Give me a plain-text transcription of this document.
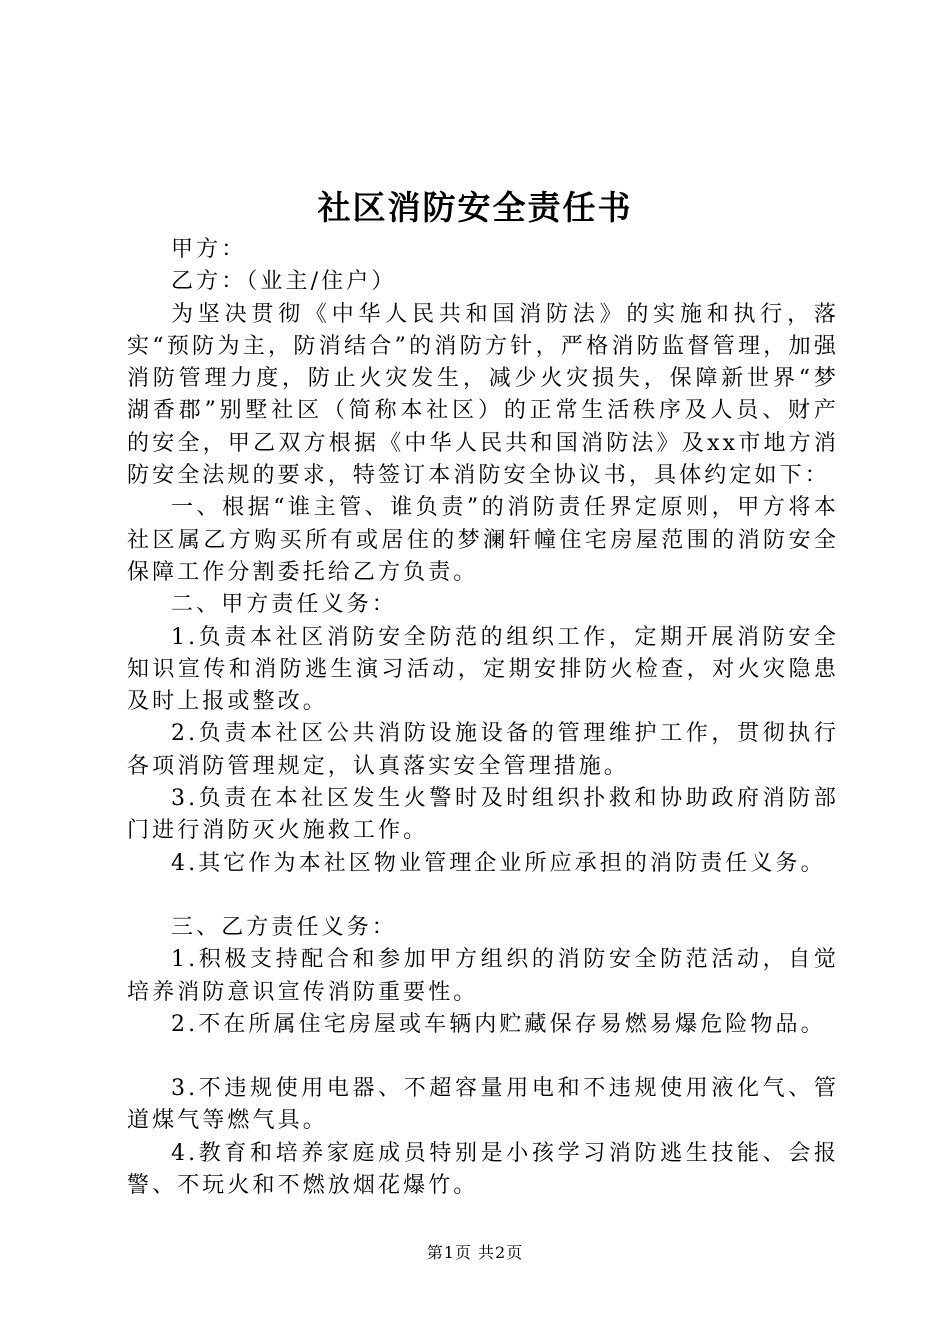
社区消防安全责任书

甲方：

乙方：（业主/住户）

为坚决贯彻《中华人民共和国消防法》的实施和执行，落实“预防为主，防消结合”的消防方针，严格消防监督管理，加强消防管理力度，防止火灾发生，减少火灾损失，保障新世界“梦湖香郡”别墅社区（简称本社区）的正常生活秩序及人员、财产的安全，甲乙双方根据《中华人民共和国消防法》及xx市地方消防安全法规的要求，特签订本消防安全协议书，具体约定如下：

一、根据“谁主管、谁负责”的消防责任界定原则，甲方将本社区属乙方购买所有或居住的梦澜轩幢住宅房屋范围的消防安全保障工作分割委托给乙方负责。

二、甲方责任义务：

1.负责本社区消防安全防范的组织工作，定期开展消防安全知识宣传和消防逃生演习活动，定期安排防火检查，对火灾隐患及时上报或整改。

2.负责本社区公共消防设施设备的管理维护工作，贯彻执行各项消防管理规定，认真落实安全管理措施。

3.负责在本社区发生火警时及时组织扑救和协助政府消防部门进行消防灭火施救工作。

4.其它作为本社区物业管理企业所应承担的消防责任义务。

三、乙方责任义务：

1.积极支持配合和参加甲方组织的消防安全防范活动，自觉培养消防意识宣传消防重要性。

2.不在所属住宅房屋或车辆内贮藏保存易燃易爆危险物品。

3.不违规使用电器、不超容量用电和不违规使用液化气、管道煤气等燃气具。

4.教育和培养家庭成员特别是小孩学习消防逃生技能、会报警、不玩火和不燃放烟花爆竹。

第1页 共2页
